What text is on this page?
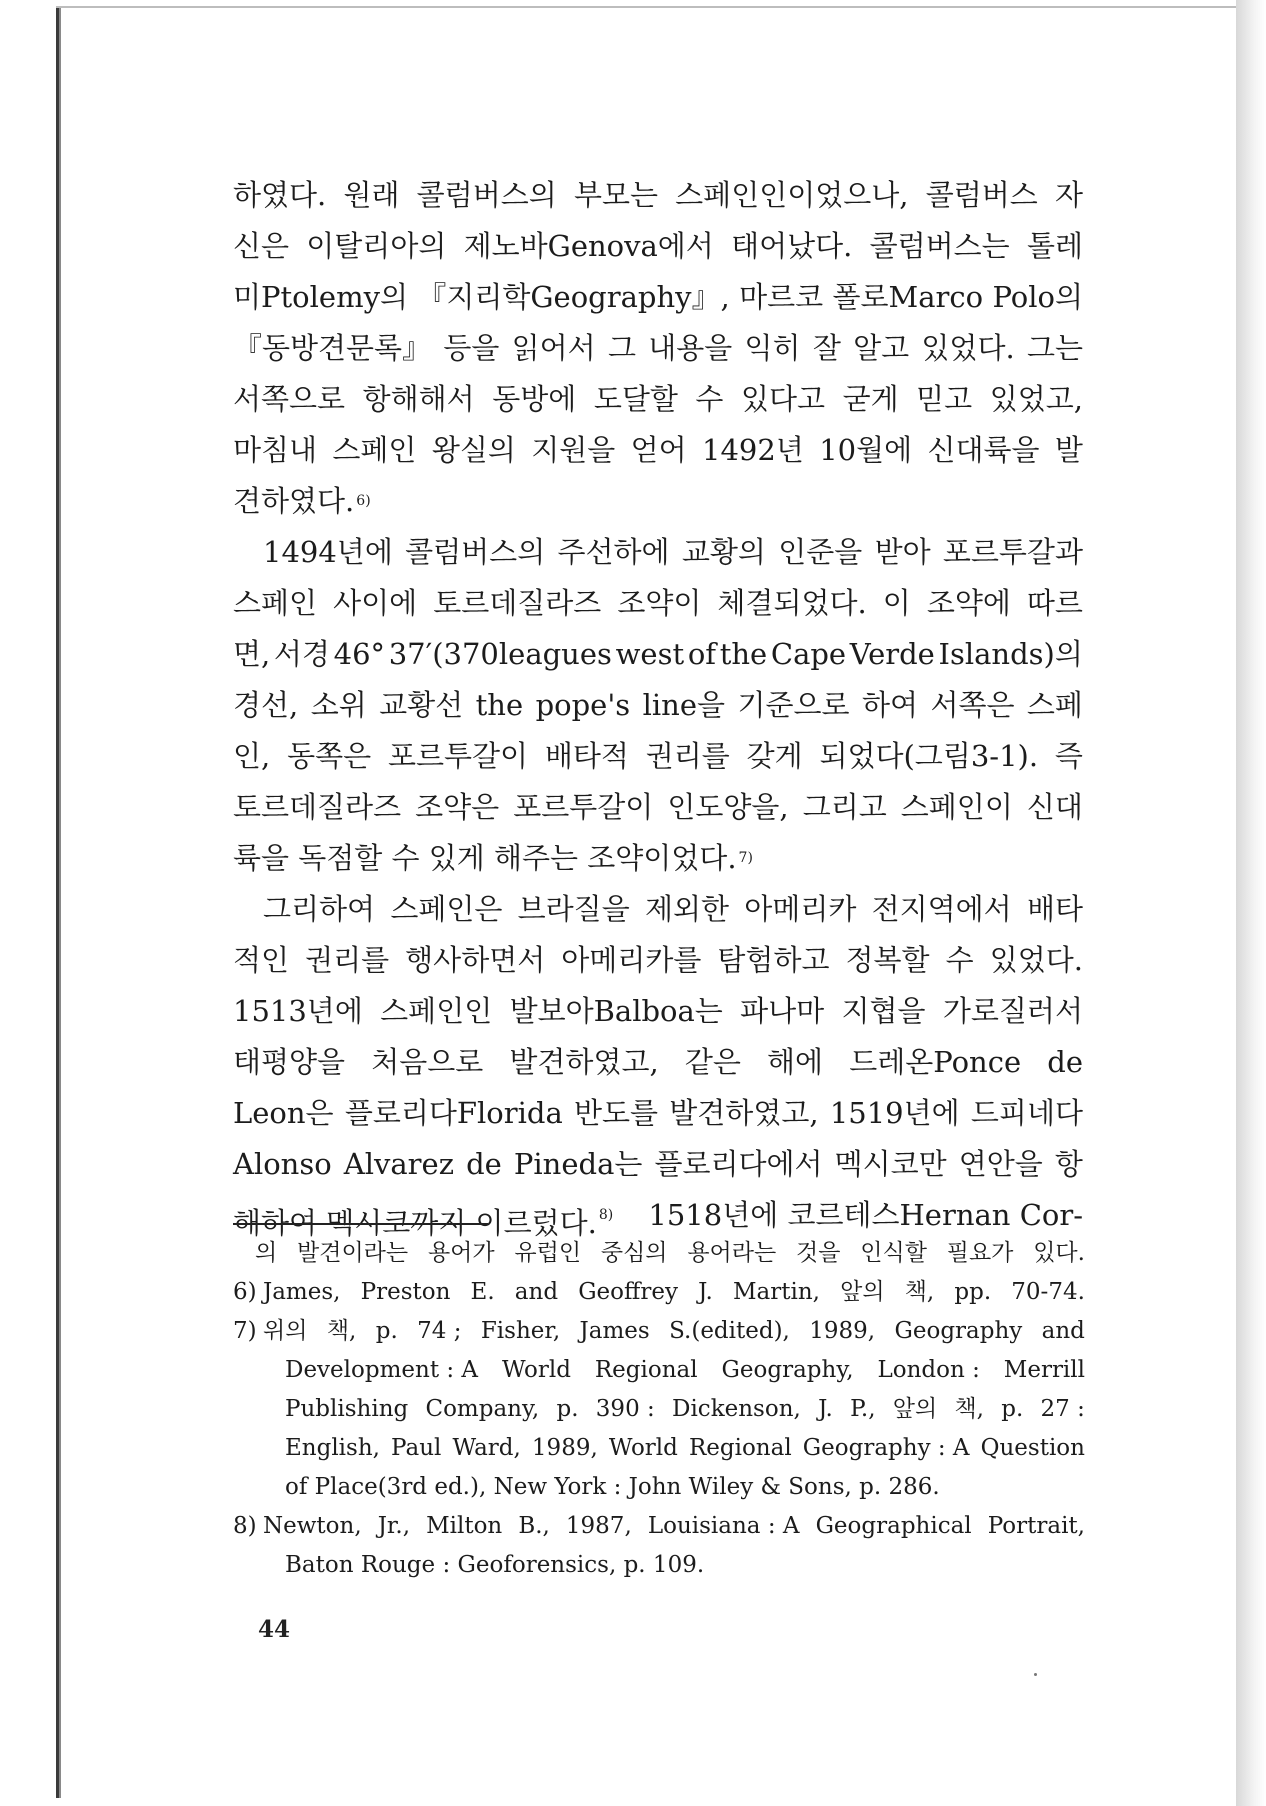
하였다. 원래 콜럼버스의 부모는 스페인인이었으나, 콜럼버스 자
신은 이탈리아의 제노바Genova에서 태어났다. 콜럼버스는 톨레
미Ptolemy의 『지리학Geography』, 마르코 폴로Marco Polo의
『동방견문록』 등을 읽어서 그 내용을 익히 잘 알고 있었다. 그는
서쪽으로 항해해서 동방에 도달할 수 있다고 굳게 믿고 있었고,
마침내 스페인 왕실의 지원을 얻어 1492년 10월에 신대륙을 발
견하였다. 6)
1494년에 콜럼버스의 주선하에 교황의 인준을 받아 포르투갈과
스페인 사이에 토르데질라즈 조약이 체결되었다. 이 조약에 따르
면, 서경 46° 37′(370leagues west of the Cape Verde Islands)의
경선, 소위 교황선 the pope's line을 기준으로 하여 서쪽은 스페
인, 동쪽은 포르투갈이 배타적 권리를 갖게 되었다(그림3-1). 즉
토르데질라즈 조약은 포르투갈이 인도양을, 그리고 스페인이 신대
륙을 독점할 수 있게 해주는 조약이었다. 7)
그리하여 스페인은 브라질을 제외한 아메리카 전지역에서 배타
적인 권리를 행사하면서 아메리카를 탐험하고 정복할 수 있었다.
1513년에 스페인인 발보아Balboa는 파나마 지협을 가로질러서
태평양을 처음으로 발견하였고, 같은 해에 드레온Ponce de
Leon은 플로리다Florida 반도를 발견하였고, 1519년에 드피네다
Alonso Alvarez de Pineda는 플로리다에서 멕시코만 연안을 항
해하여 멕시코까지 이르렀다. $^{8)}$ 1518년에 코르테스Hernan Cor-
의 발견이라는 용어가 유럽인 중심의 용어라는 것을 인식할 필요가 있다.
6) James, Preston E. and Geoffrey J. Martin, 앞의 책, pp. 70-74.
7) 위의 책, p. 74 ; Fisher, James S.(edited), 1989, Geography and
Development : A World Regional Geography, London : Merrill
Publishing Company, p. 390 : Dickenson, J. P., 앞의 책, p. 27 :
English, Paul Ward, 1989, World Regional Geography : A Question
of Place(3rd ed.), New York : John Wiley & Sons, p. 286.
8) Newton, Jr., Milton B., 1987, Louisiana : A Geographical Portrait,
Baton Rouge : Geoforensics, p. 109.
44
